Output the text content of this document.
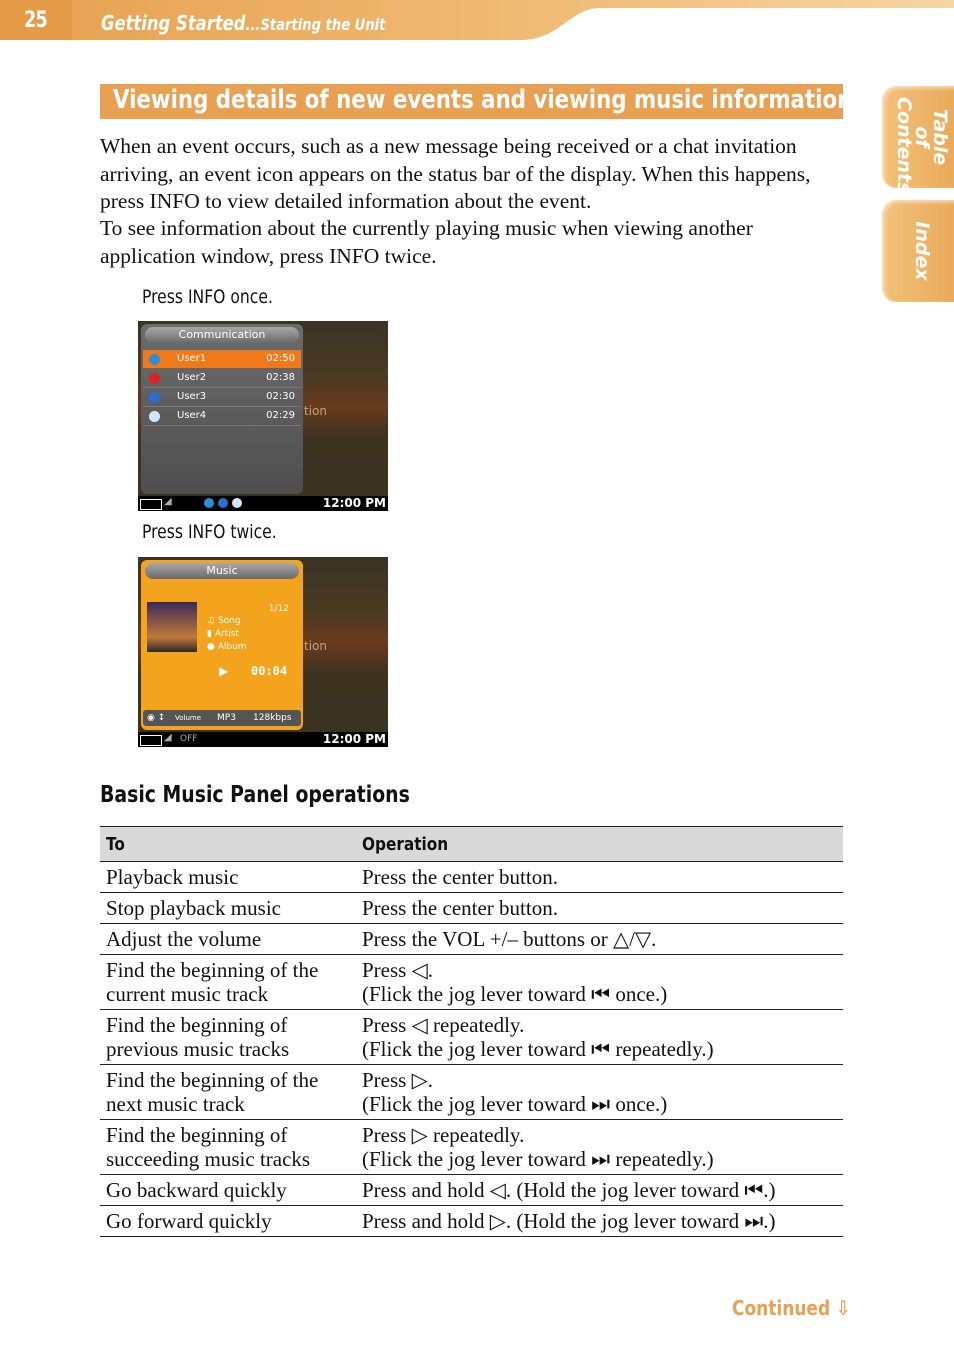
25	Getting Started...Starting the Unit
Table of Contents
Index
Viewing details of new events and viewing music information
When an event occurs, such as a new message being received or a chat invitation arriving, an event icon appears on the status bar of the display. When this happens, press INFO to view detailed information about the event.
To see information about the currently playing music when viewing another application window, press INFO twice.
Press INFO once.
Communication
User1	02:50
User2	02:38
User3	02:30
User4	02:29 tion
◢	12:00 PM
Press INFO twice.
Music
1/12
♫ Song
▮ Artist
● Album
▶ 00:04
◉ ↕ Volume MP3 128kbps
tion
◢ OFF	12:00 PM
Basic Music Panel operations
To	Operation
Playback music	Press the center button.

Stop playback music	Press the center button.

Adjust the volume	Press the VOL +/– buttons or △/▽.

Find the beginning of the current music track	Press ◁.
(Flick the jog lever toward ⏮ once.)

Find the beginning of previous music tracks	Press ◁ repeatedly.
(Flick the jog lever toward ⏮ repeatedly.)

Find the beginning of the next music track	Press ▷.
(Flick the jog lever toward ⏭ once.)

Find the beginning of succeeding music tracks	Press ▷ repeatedly.
(Flick the jog lever toward ⏭ repeatedly.)

Go backward quickly	Press and hold ◁. (Hold the jog lever toward ⏮.)

Go forward quickly	Press and hold ▷. (Hold the jog lever toward ⏭.)
Continued ⇩
